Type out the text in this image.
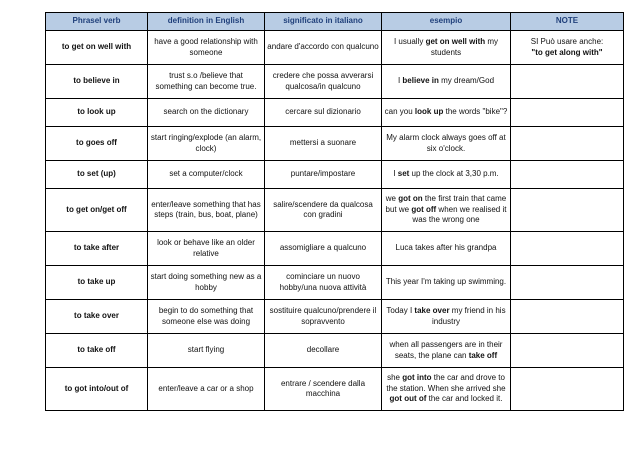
Phrasel verb	definition in English	significato in italiano	esempio	NOTE
to get on well with	have a good relationship with someone	andare d'accordo con qualcuno	I usually get on well with my students	SI Può usare anche:
"to get along with"
to believe in	trust s.o /believe that something can become true.	credere che possa avverarsi qualcosa/in qualcuno	I believe in my dream/God	
to look up	search on the dictionary	cercare sul dizionario	can you look up the words "bike"?	
to goes off	start ringing/explode (an alarm, clock)	mettersi a suonare	My alarm clock always goes off at six o'clock.	
to set (up)	set a computer/clock	puntare/impostare	I set up the clock at 3,30 p.m.	
to get on/get off	enter/leave something that has steps (train, bus, boat, plane)	salire/scendere da qualcosa con gradini	we got on the first train that came but we got off when we realised it was the wrong one	
to take after	look or behave like an older relative	assomigliare a qualcuno	Luca takes after his grandpa	
to take up	start doing something new as a hobby	cominciare un nuovo hobby/una nuova attività	This year I'm taking up swimming.	
to take over	begin to do something that someone else was doing	sostituire qualcuno/prendere il sopravvento	Today I take over my friend in his industry	
to take off	start flying	decollare	when all passengers are in their seats, the plane can take off	
to got into/out of	enter/leave a car or a shop	entrare / scendere dalla macchina	she got into the car and drove to the station. When she arrived she got out of the car and locked it.	
